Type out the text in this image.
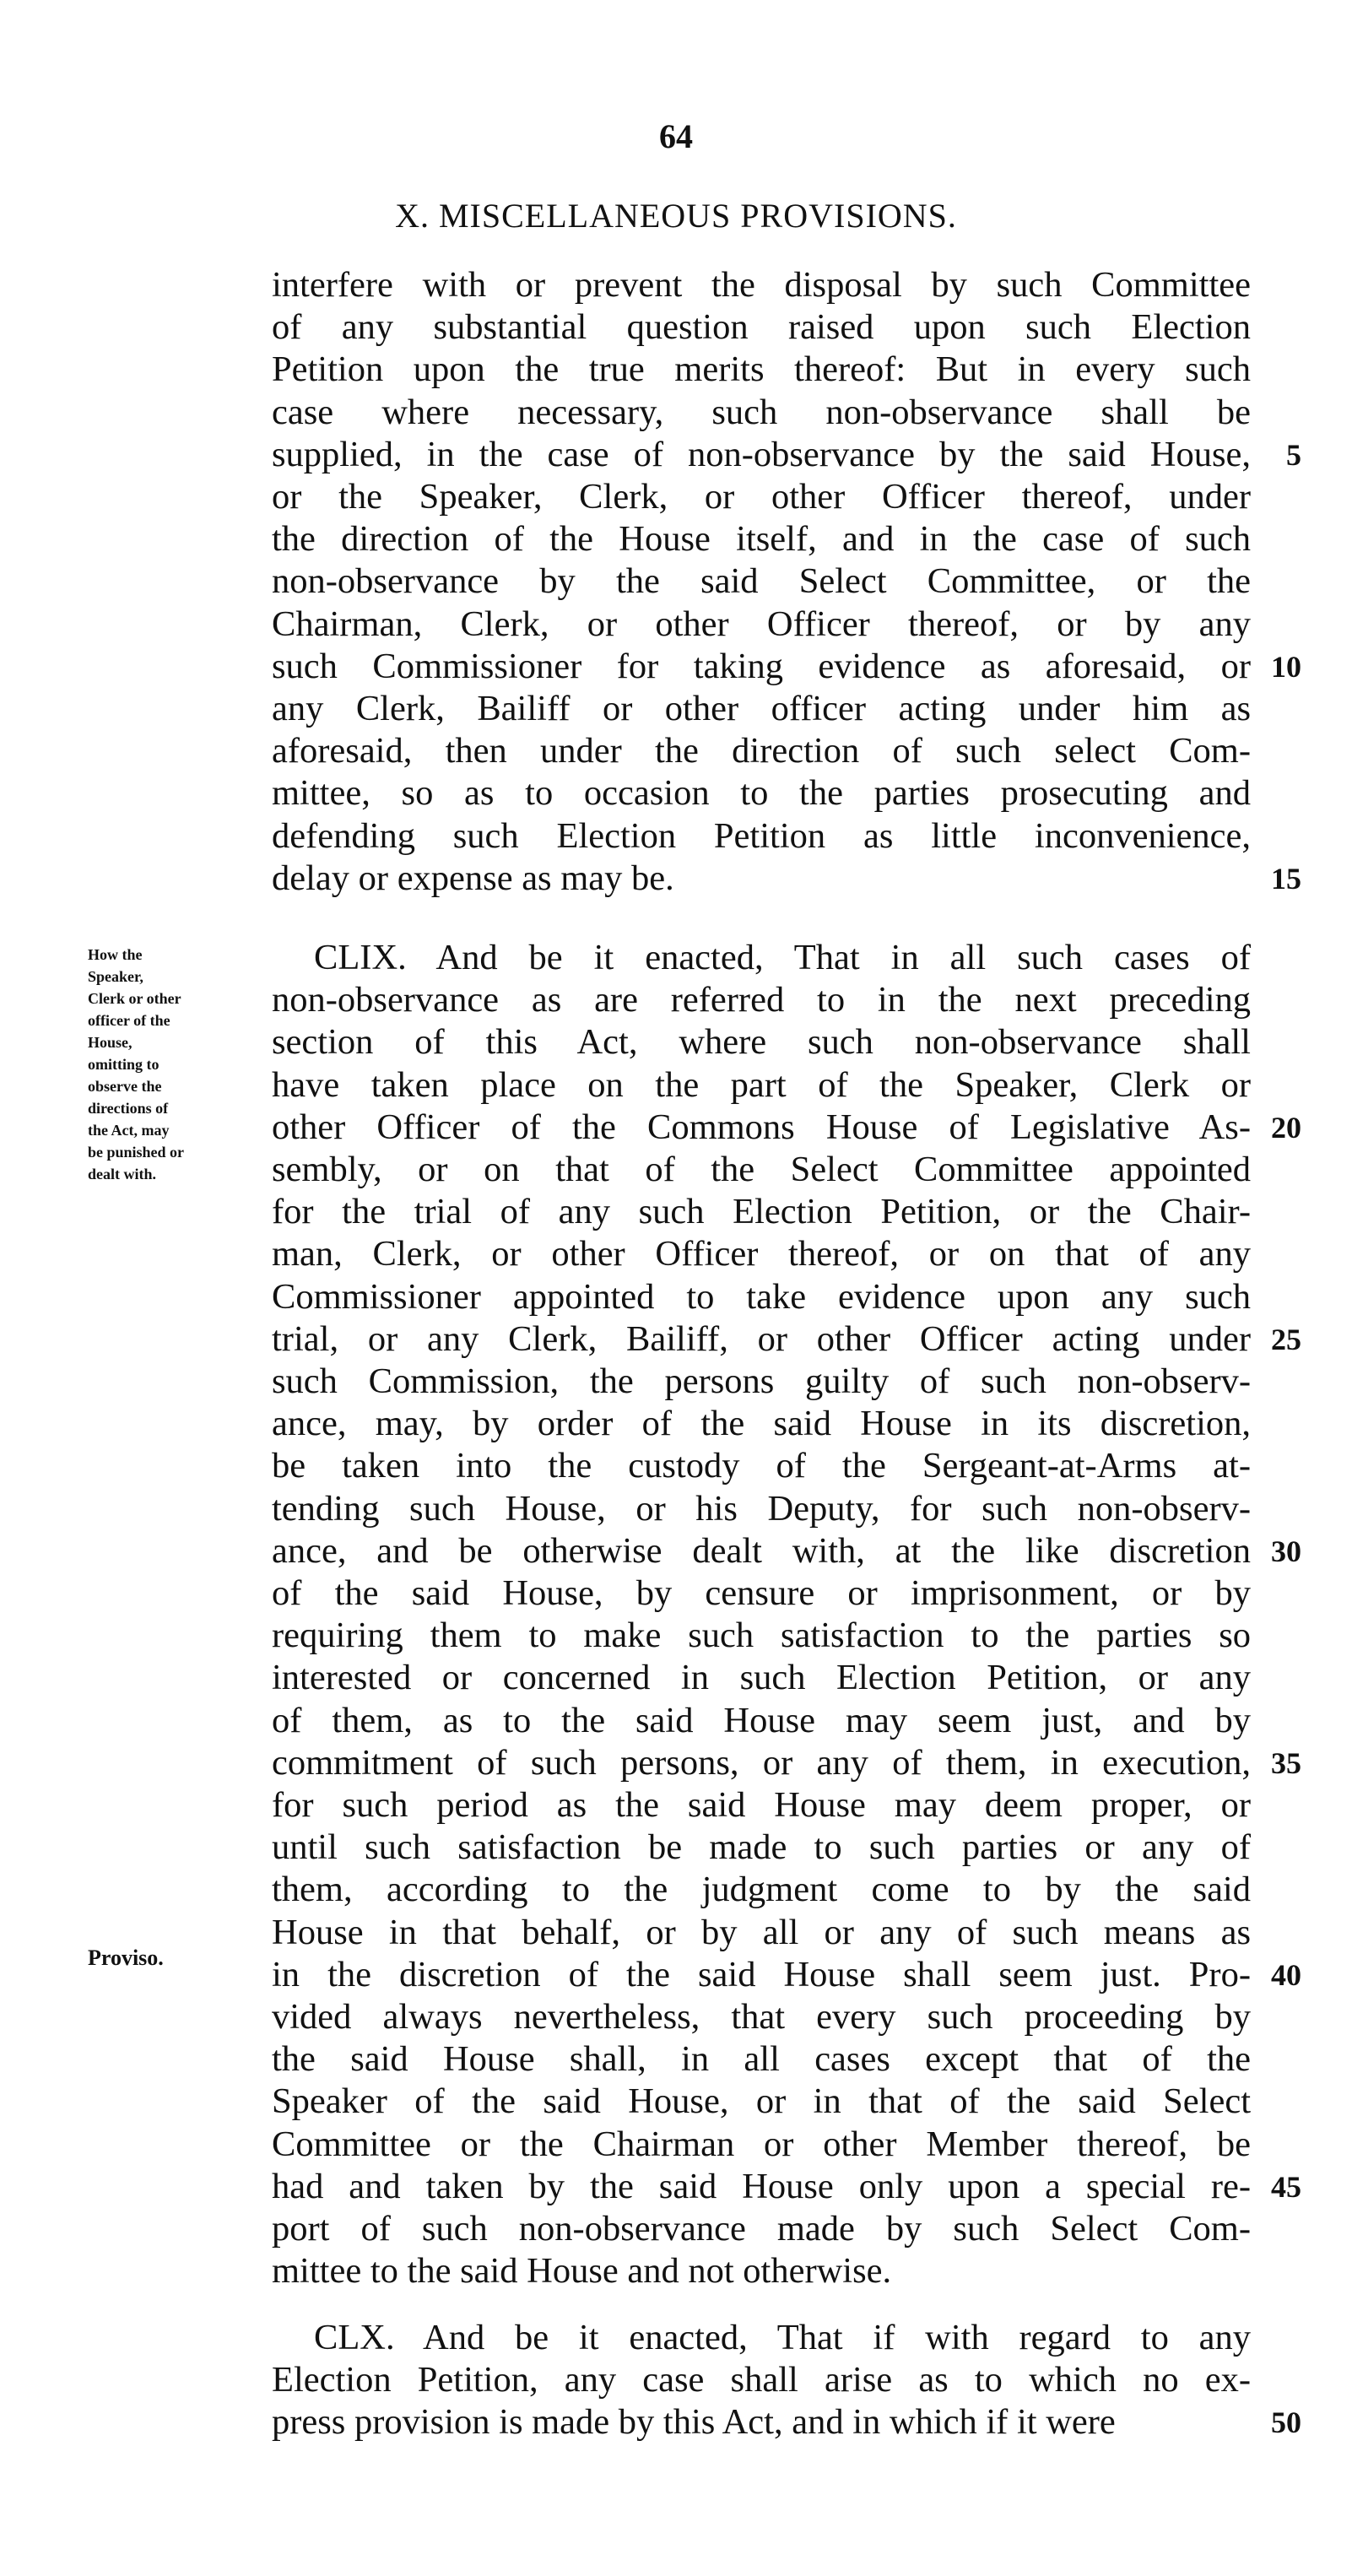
64
X. MISCELLANEOUS PROVISIONS.
interfere with or prevent the disposal by such Committee
of any substantial question raised upon such Election
Petition upon the true merits thereof: But in every such
case where necessary, such non-observance shall be
supplied, in the case of non-observance by the said House,
or the Speaker, Clerk, or other Officer thereof, under
the direction of the House itself, and in the case of such
non-observance by the said Select Committee, or the
Chairman, Clerk, or other Officer thereof, or by any
such Commissioner for taking evidence as aforesaid, or
any Clerk, Bailiff or other officer acting under him as
aforesaid, then under the direction of such select Com-
mittee, so as to occasion to the parties prosecuting and
defending such Election Petition as little inconvenience,
delay or expense as may be.
CLIX. And be it enacted, That in all such cases of
non-observance as are referred to in the next preceding
section of this Act, where such non-observance shall
have taken place on the part of the Speaker, Clerk or
other Officer of the Commons House of Legislative As-
sembly, or on that of the Select Committee appointed
for the trial of any such Election Petition, or the Chair-
man, Clerk, or other Officer thereof, or on that of any
Commissioner appointed to take evidence upon any such
trial, or any Clerk, Bailiff, or other Officer acting under
such Commission, the persons guilty of such non-observ-
ance, may, by order of the said House in its discretion,
be taken into the custody of the Sergeant-at-Arms at-
tending such House, or his Deputy, for such non-observ-
ance, and be otherwise dealt with, at the like discretion
of the said House, by censure or imprisonment, or by
requiring them to make such satisfaction to the parties so
interested or concerned in such Election Petition, or any
of them, as to the said House may seem just, and by
commitment of such persons, or any of them, in execution,
for such period as the said House may deem proper, or
until such satisfaction be made to such parties or any of
them, according to the judgment come to by the said
House in that behalf, or by all or any of such means as
in the discretion of the said House shall seem just. Pro-
vided always nevertheless, that every such proceeding by
the said House shall, in all cases except that of the
Speaker of the said House, or in that of the said Select
Committee or the Chairman or other Member thereof, be
had and taken by the said House only upon a special re-
port of such non-observance made by such Select Com-
mittee to the said House and not otherwise.
CLX. And be it enacted, That if with regard to any
Election Petition, any case shall arise as to which no ex-
press provision is made by this Act, and in which if it were
5
10
15
20
25
30
35
40
45
50
How the
Speaker,
Clerk or other
officer of the
House,
omitting to
observe the
directions of
the Act, may
be punished or
dealt with.
Proviso.
